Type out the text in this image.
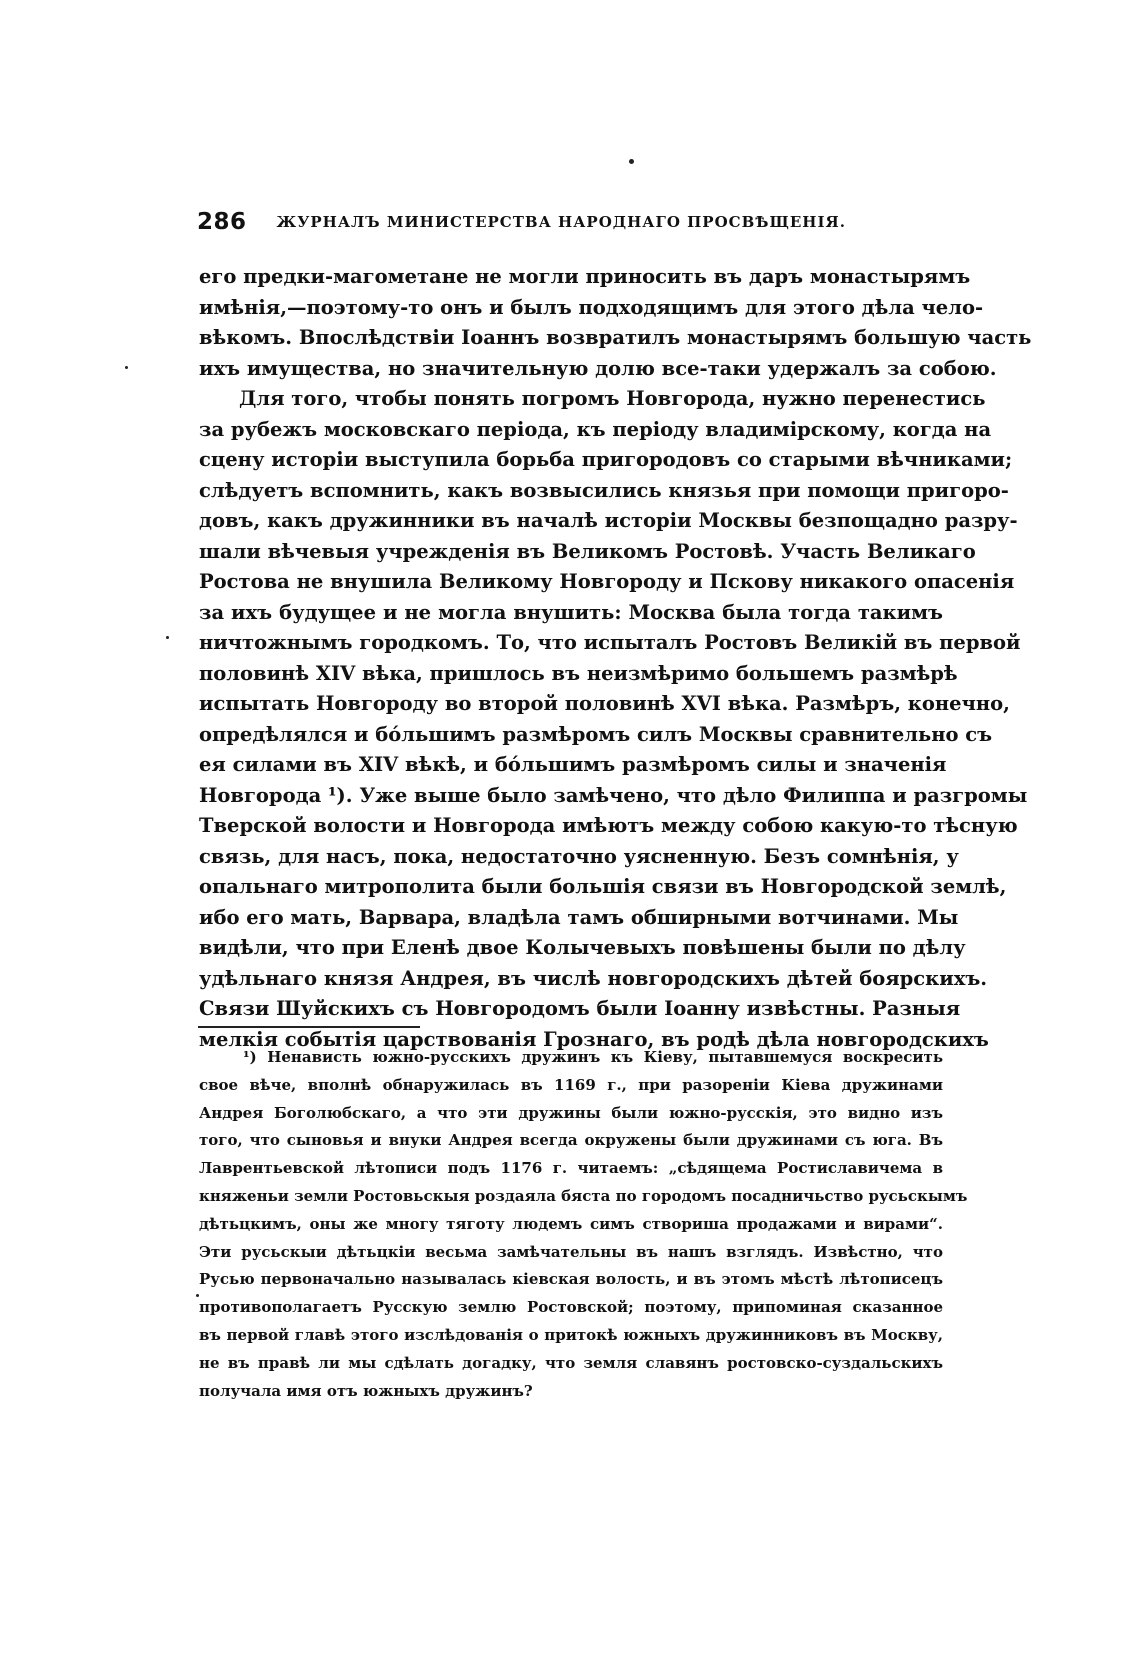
286 ЖУРНАЛЪ МИНИСТЕРСТВА НАРОДНАГО ПРОСВѢЩЕНІЯ.
его предки-магометане не могли приносить въ даръ монастырямъ
имѣнія,—поэтому-то онъ и былъ подходящимъ для этого дѣла чело-
вѣкомъ. Впослѣдствіи Іоаннъ возвратилъ монастырямъ большую часть
ихъ имущества, но значительную долю все-таки удержалъ за собою.
Для того, чтобы понять погромъ Новгорода, нужно перенестись
за рубежъ московскаго періода, къ періоду владимірскому, когда на
сцену исторіи выступила борьба пригородовъ со старыми вѣчниками;
слѣдуетъ вспомнить, какъ возвысились князья при помощи пригоро-
довъ, какъ дружинники въ началѣ исторіи Москвы безпощадно разру-
шали вѣчевыя учрежденія въ Великомъ Ростовѣ. Участь Великаго
Ростова не внушила Великому Новгороду и Пскову никакого опасенія
за ихъ будущее и не могла внушить: Москва была тогда такимъ
ничтожнымъ городкомъ. То, что испыталъ Ростовъ Великій въ первой
половинѣ XIV вѣка, пришлось въ неизмѣримо большемъ размѣрѣ
испытать Новгороду во второй половинѣ XVI вѣка. Размѣръ, конечно,
опредѣлялся и бо́льшимъ размѣромъ силъ Москвы сравнительно съ
ея силами въ XIV вѣкѣ, и бо́льшимъ размѣромъ силы и значенія
Новгорода ¹). Уже выше было замѣчено, что дѣло Филиппа и разгромы
Тверской волости и Новгорода имѣютъ между собою какую-то тѣсную
связь, для насъ, пока, недостаточно уясненную. Безъ сомнѣнія, у
опальнаго митрополита были большія связи въ Новгородской землѣ,
ибо его мать, Варвара, владѣла тамъ обширными вотчинами. Мы
видѣли, что при Еленѣ двое Колычевыхъ повѣшены были по дѣлу
удѣльнаго князя Андрея, въ числѣ новгородскихъ дѣтей боярскихъ.
Связи Шуйскихъ съ Новгородомъ были Іоанну извѣстны. Разныя
мелкія событія царствованія Грознаго, въ родѣ дѣла новгородскихъ
¹) Ненависть южно-русскихъ дружинъ къ Кіеву, пытавшемуся воскресить
свое вѣче, вполнѣ обнаружилась въ 1169 г., при разореніи Кіева дружинами
Андрея Боголюбскаго, а что эти дружины были южно-русскія, это видно изъ
того, что сыновья и внуки Андрея всегда окружены были дружинами съ юга. Въ
Лаврентьевской лѣтописи подъ 1176 г. читаемъ: „сѣдящема Ростиславичема в
княженьи земли Ростовьскыя роздаяла бяста по городомъ посадничьство русьскымъ
дѣтьцкимъ, оны же многу тяготу людемъ симъ створиша продажами и вирами“.
Эти русьскыи дѣтьцкіи весьма замѣчательны въ нашъ взглядъ. Извѣстно, что
Русью первоначально называлась кіевская волость, и въ этомъ мѣстѣ лѣтописецъ
противополагаетъ Русскую землю Ростовской; поэтому, припоминая сказанное
въ первой главѣ этого изслѣдованія о притокѣ южныхъ дружинниковъ въ Москву,
не въ правѣ ли мы сдѣлать догадку, что земля славянъ ростовско-суздальскихъ
получала имя отъ южныхъ дружинъ?
